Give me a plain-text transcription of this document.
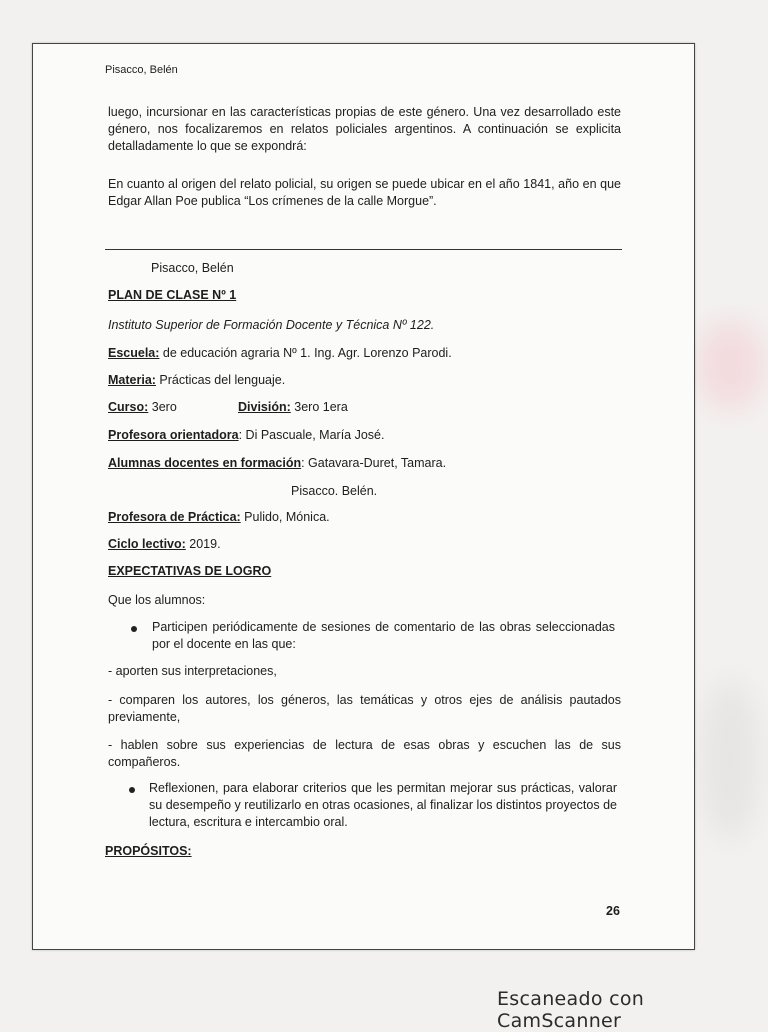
Pisacco, Belén
luego, incursionar en las características propias de este género. Una vez desarrollado este género, nos focalizaremos en relatos policiales argentinos. A continuación se explicita detalladamente lo que se expondrá:
En cuanto al origen del relato policial, su origen se puede ubicar en el año 1841, año en que Edgar Allan Poe publica “Los crímenes de la calle Morgue”.
Pisacco, Belén
PLAN DE CLASE Nº 1
Instituto Superior de Formación Docente y Técnica Nº 122.
Escuela: de educación agraria Nº 1. Ing. Agr. Lorenzo Parodi.
Materia: Prácticas del lenguaje.
Curso: 3ero	División: 3ero 1era
Profesora orientadora: Di Pascuale, María José.
Alumnas docentes en formación: Gatavara-Duret, Tamara.
Pisacco. Belén.
Profesora de Práctica: Pulido, Mónica.
Ciclo lectivo: 2019.
EXPECTATIVAS DE LOGRO
Que los alumnos:
Participen periódicamente de sesiones de comentario de las obras seleccionadas por el docente en las que:
- aporten sus interpretaciones,
- comparen los autores, los géneros, las temáticas y otros ejes de análisis pautados previamente,
- hablen sobre sus experiencias de lectura de esas obras y escuchen las de sus compañeros.
Reflexionen, para elaborar criterios que les permitan mejorar sus prácticas, valorar su desempeño y reutilizarlo en otras ocasiones, al finalizar los distintos proyectos de lectura, escritura e intercambio oral.
PROPÓSITOS:
26
Escaneado con CamScanner
